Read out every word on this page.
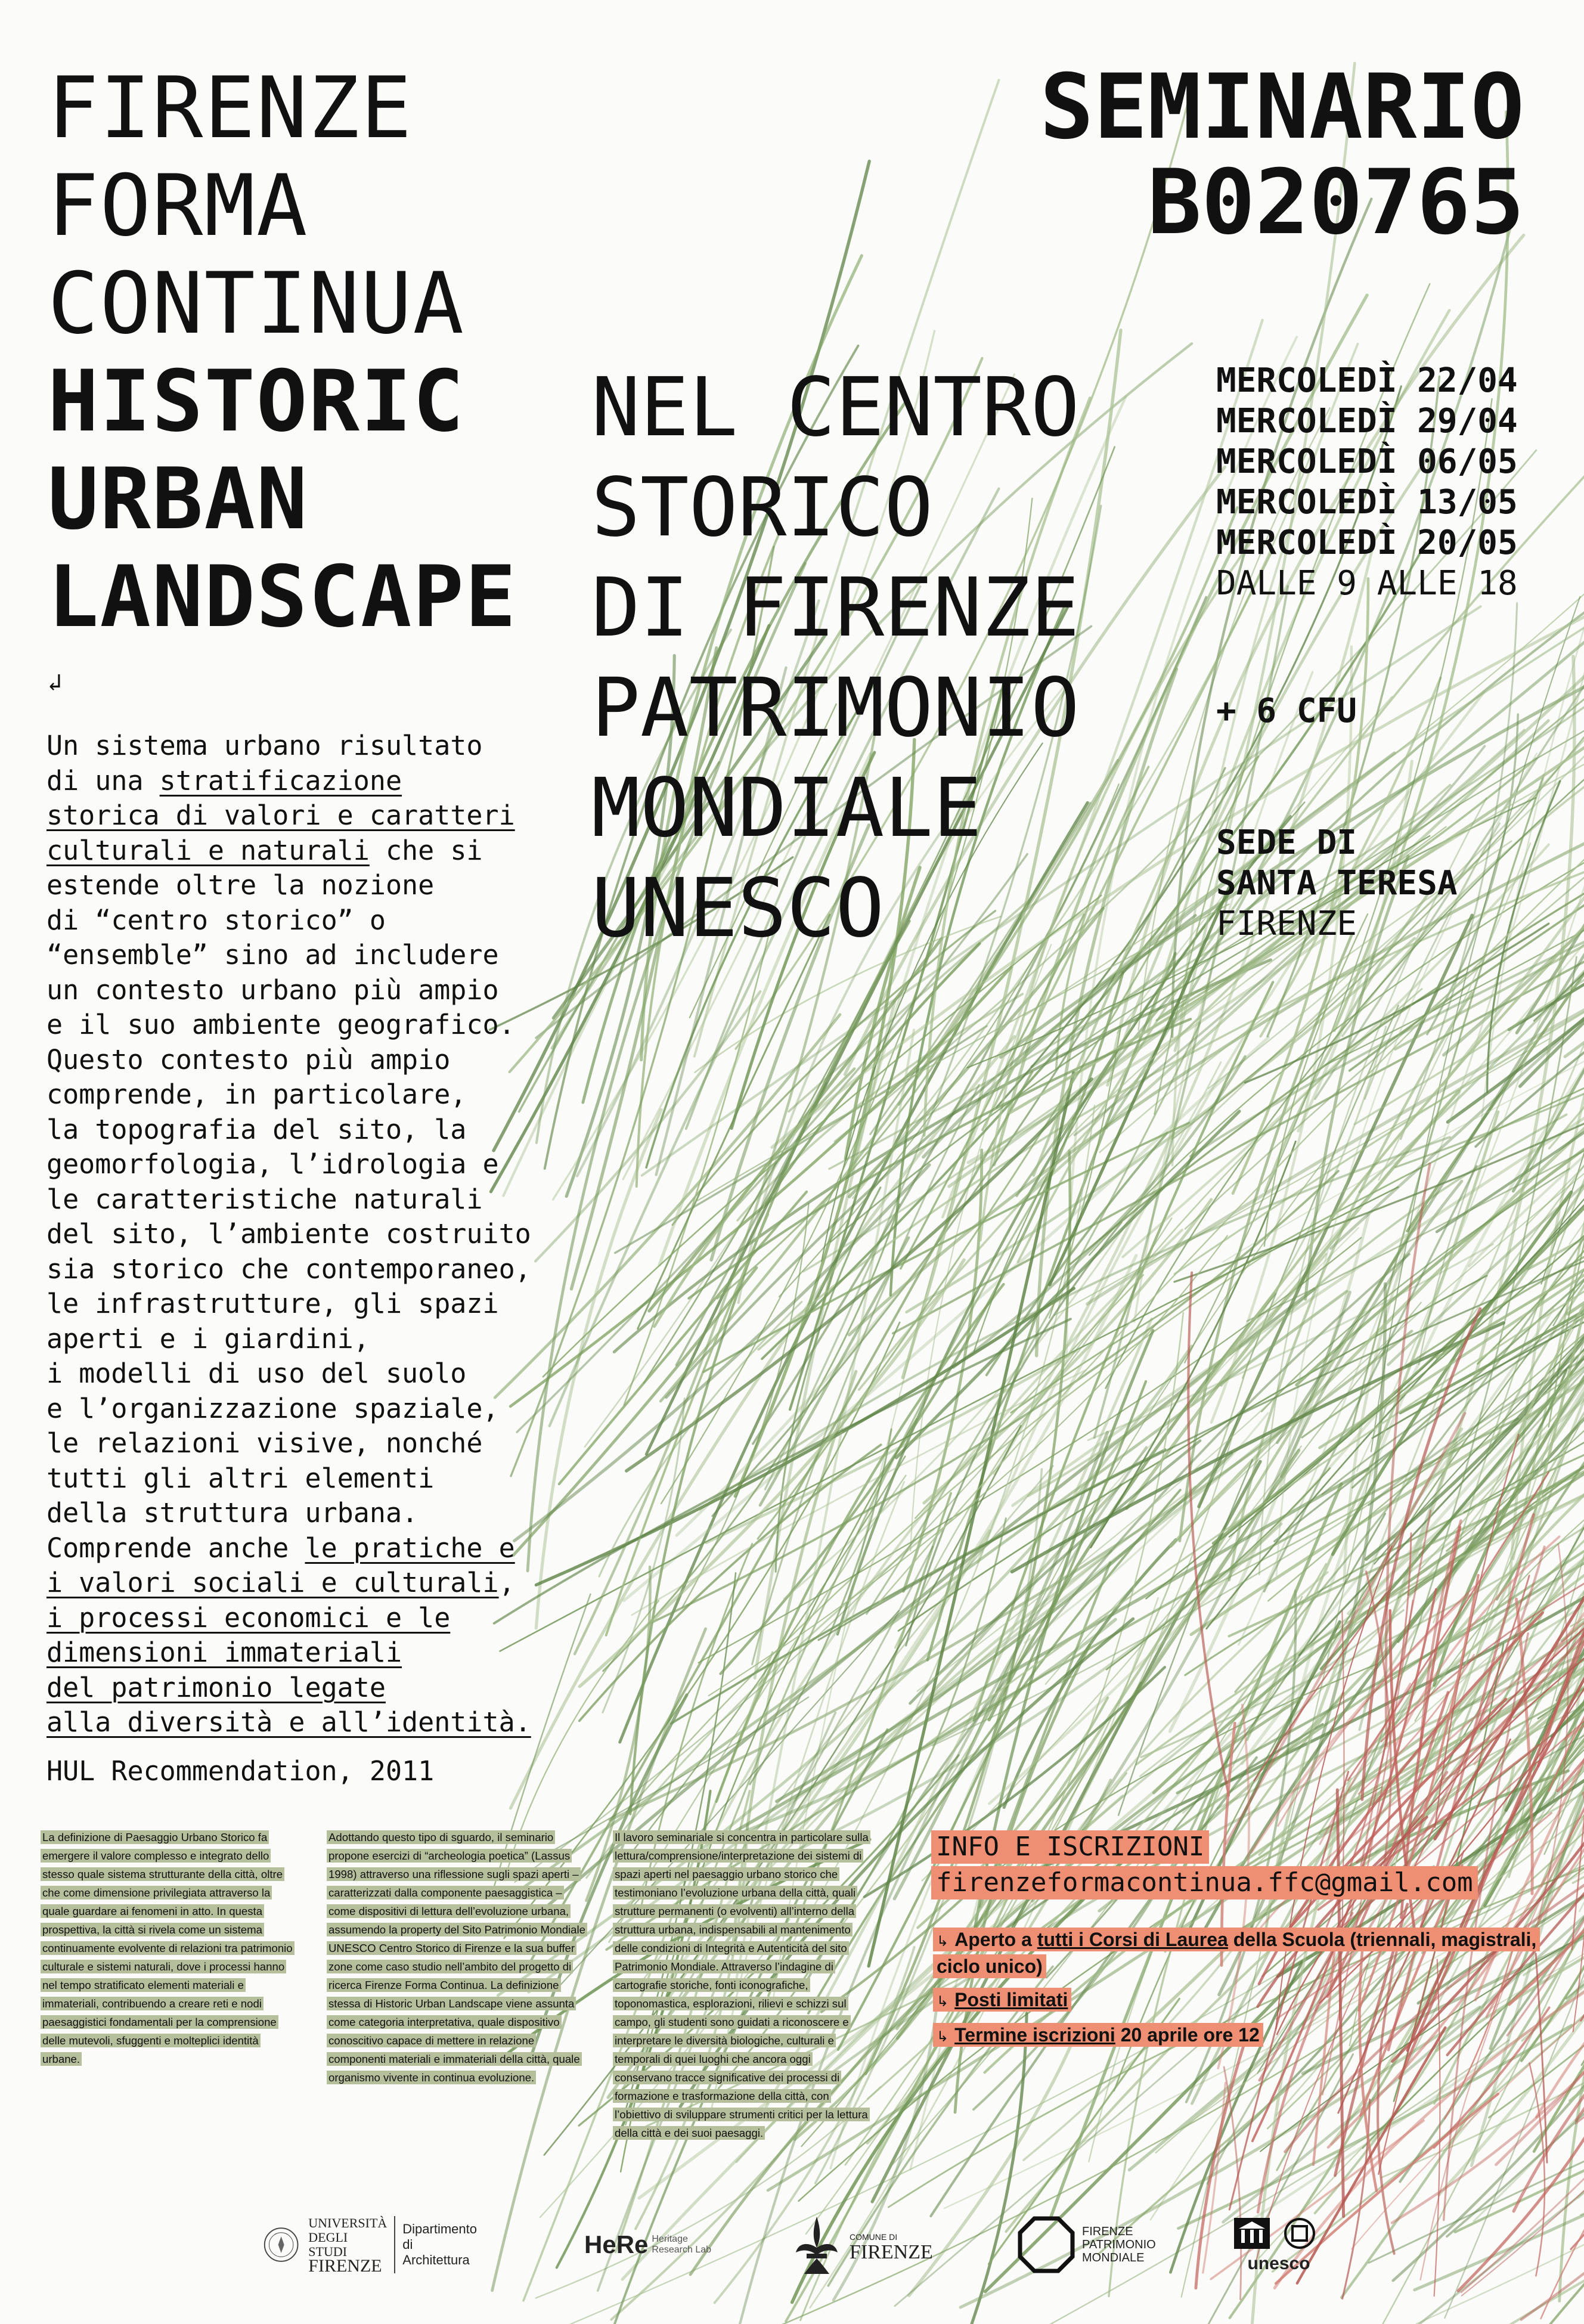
FIRENZE
FORMA
CONTINUA
HISTORIC
URBAN
LANDSCAPE
SEMINARIO
B020765
NEL CENTRO
STORICO
DI FIRENZE
PATRIMONIO
MONDIALE
UNESCO
MERCOLEDÌ 22/04
MERCOLEDÌ 29/04
MERCOLEDÌ 06/05
MERCOLEDÌ 13/05
MERCOLEDÌ 20/05
DALLE 9 ALLE 18
+ 6 CFU
SEDE DI
SANTA TERESA
FIRENZE
↲
Un sistema urbano risultato
di una stratificazione
storica di valori e caratteri
culturali e naturali che si
estende oltre la nozione
di “centro storico” o
“ensemble” sino ad includere
un contesto urbano più ampio
e il suo ambiente geografico.
Questo contesto più ampio
comprende, in particolare,
la topografia del sito, la
geomorfologia, l’idrologia e
le caratteristiche naturali
del sito, l’ambiente costruito
sia storico che contemporaneo,
le infrastrutture, gli spazi
aperti e i giardini,
i modelli di uso del suolo
e l’organizzazione spaziale,
le relazioni visive, nonché
tutti gli altri elementi
della struttura urbana.
Comprende anche le pratiche e
i valori sociali e culturali,
i processi economici e le
dimensioni immateriali
del patrimonio legate
alla diversità e all’identità.
HUL Recommendation, 2011
La definizione di Paesaggio Urbano Storico fa emergere il valore complesso e integrato dello stesso quale sistema strutturante della città, oltre che come dimensione privilegiata attraverso la quale guardare ai fenomeni in atto. In questa prospettiva, la città si rivela come un sistema continuamente evolvente di relazioni tra patrimonio culturale e sistemi naturali, dove i processi hanno nel tempo stratificato elementi materiali e immateriali, contribuendo a creare reti e nodi paesaggistici fondamentali per la comprensione delle mutevoli, sfuggenti e molteplici identità urbane.
Adottando questo tipo di sguardo, il seminario propone esercizi di “archeologia poetica” (Lassus 1998) attraverso una riflessione sugli spazi aperti – caratterizzati dalla componente paesaggistica – come dispositivi di lettura dell’evoluzione urbana, assumendo la property del Sito Patrimonio Mondiale UNESCO Centro Storico di Firenze e la sua buffer zone come caso studio nell’ambito del progetto di ricerca Firenze Forma Continua. La definizione stessa di Historic Urban Landscape viene assunta come categoria interpretativa, quale dispositivo conoscitivo capace di mettere in relazione componenti materiali e immateriali della città, quale organismo vivente in continua evoluzione.
Il lavoro seminariale si concentra in particolare sulla lettura/comprensione/interpretazione dei sistemi di spazi aperti nel paesaggio urbano storico che testimoniano l’evoluzione urbana della città, quali strutture permanenti (o evolventi) all’interno della struttura urbana, indispensabili al mantenimento delle condizioni di Integrità e Autenticità del sito Patrimonio Mondiale. Attraverso l’indagine di cartografie storiche, fonti iconografiche, toponomastica, esplorazioni, rilievi e schizzi sul campo, gli studenti sono guidati a riconoscere e interpretare le diversità biologiche, culturali e temporali di quei luoghi che ancora oggi conservano tracce significative dei processi di formazione e trasformazione della città, con l’obiettivo di sviluppare strumenti critici per la lettura della città e dei suoi paesaggi.
INFO E ISCRIZIONI
firenzeformacontinua.ffc@gmail.com
↳ Aperto a tutti i Corsi di Laurea della Scuola (triennali, magistrali, ciclo unico)
↳ Posti limitati
↳ Termine iscrizioni 20 aprile ore 12
UNIVERSITÀ
DEGLI STUDI
FIRENZE
Dipartimento
di Architettura
HeRe Heritage
Research Lab
COMUNE DI
FIRENZE
FIRENZE
PATRIMONIO
MONDIALE	unesco
